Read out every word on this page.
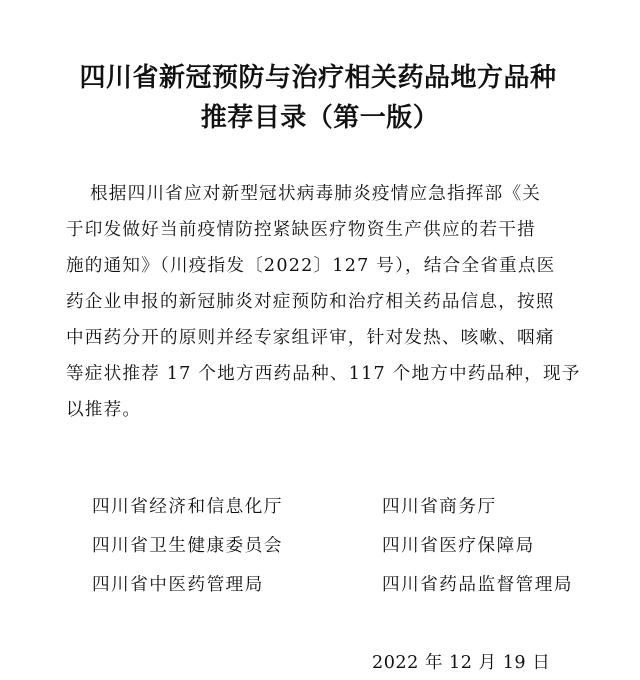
四川省新冠预防与治疗相关药品地方品种
推荐目录（第一版）
根据四川省应对新型冠状病毒肺炎疫情应急指挥部《关
于印发做好当前疫情防控紧缺医疗物资生产供应的若干措
施的通知》（川疫指发〔2022〕127 号），结合全省重点医
药企业申报的新冠肺炎对症预防和治疗相关药品信息，按照
中西药分开的原则并经专家组评审，针对发热、咳嗽、咽痛
等症状推荐 17 个地方西药品种、117 个地方中药品种，现予
以推荐。
四川省经济和信息化厅	四川省商务厅
四川省卫生健康委员会	四川省医疗保障局
四川省中医药管理局	四川省药品监督管理局
2022 年 12 月 19 日
